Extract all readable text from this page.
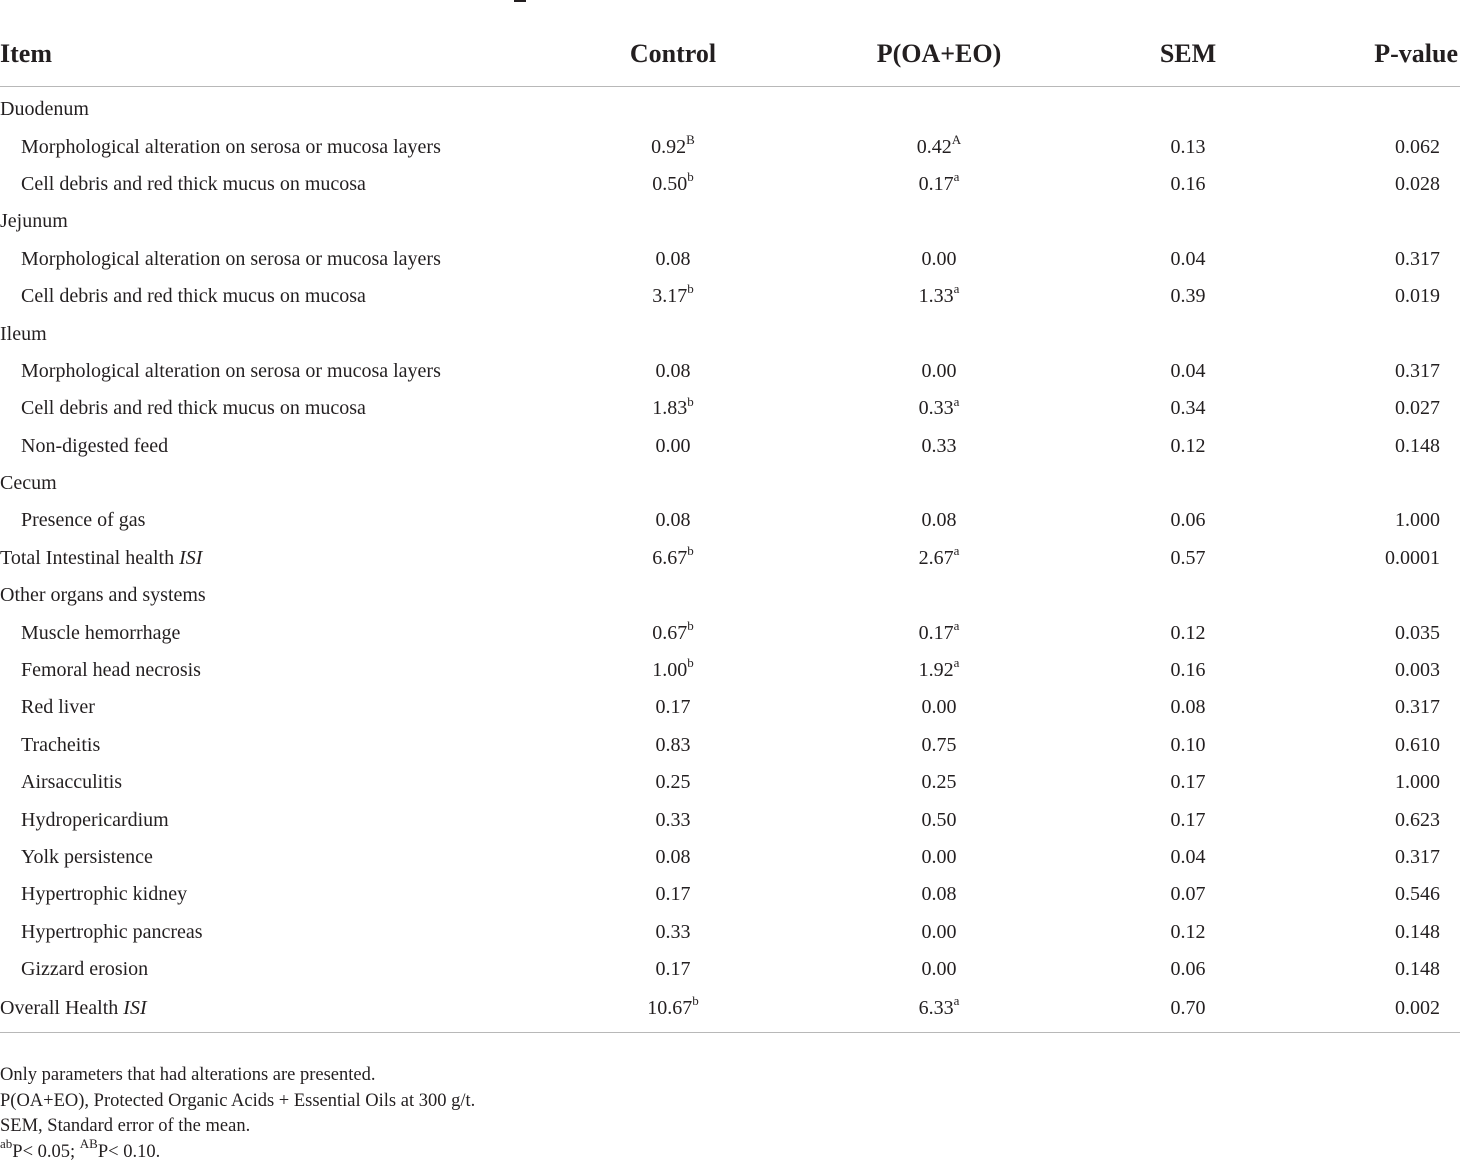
Item	Control	P(OA+EO)	SEM	P-value
Duodenum				
Morphological alteration on serosa or mucosa layers	$0.92^B$	$0.42^A$	0.13	0.062
Cell debris and red thick mucus on mucosa	0.50$^b$	0.17$^a$	0.16	0.028
Jejunum				
Morphological alteration on serosa or mucosa layers	0.08	0.00	0.04	0.317
Cell debris and red thick mucus on mucosa	3.17$^b$	1.33$^a$	0.39	0.019
Ileum				
Morphological alteration on serosa or mucosa layers	0.08	0.00	0.04	0.317
Cell debris and red thick mucus on mucosa	1.83$^b$	0.33$^a$	0.34	0.027
Non-digested feed	0.00	0.33	0.12	0.148
Cecum				
Presence of gas	0.08	0.08	0.06	1.000
Total Intestinal health ISI	6.67$^b$	2.67$^a$	0.57	0.0001
Other organs and systems				
Muscle hemorrhage	0.67$^b$	0.17$^a$	0.12	0.035
Femoral head necrosis	1.00$^b$	1.92$^a$	0.16	0.003
Red liver	0.17	0.00	0.08	0.317
Tracheitis	0.83	0.75	0.10	0.610
Airsacculitis	0.25	0.25	0.17	1.000
Hydropericardium	0.33	0.50	0.17	0.623
Yolk persistence	0.08	0.00	0.04	0.317
Hypertrophic kidney	0.17	0.08	0.07	0.546
Hypertrophic pancreas	0.33	0.00	0.12	0.148
Gizzard erosion	0.17	0.00	0.06	0.148
Overall Health ISI	10.67$^b$	6.33$^a$	0.70	0.002

Only parameters that had alterations are presented.

P(OA+EO), Protected Organic Acids + Essential Oils at 300 g/t.

SEM, Standard error of the mean.

$^{ab}$P< 0.05; $^{AB}$P< 0.10.
